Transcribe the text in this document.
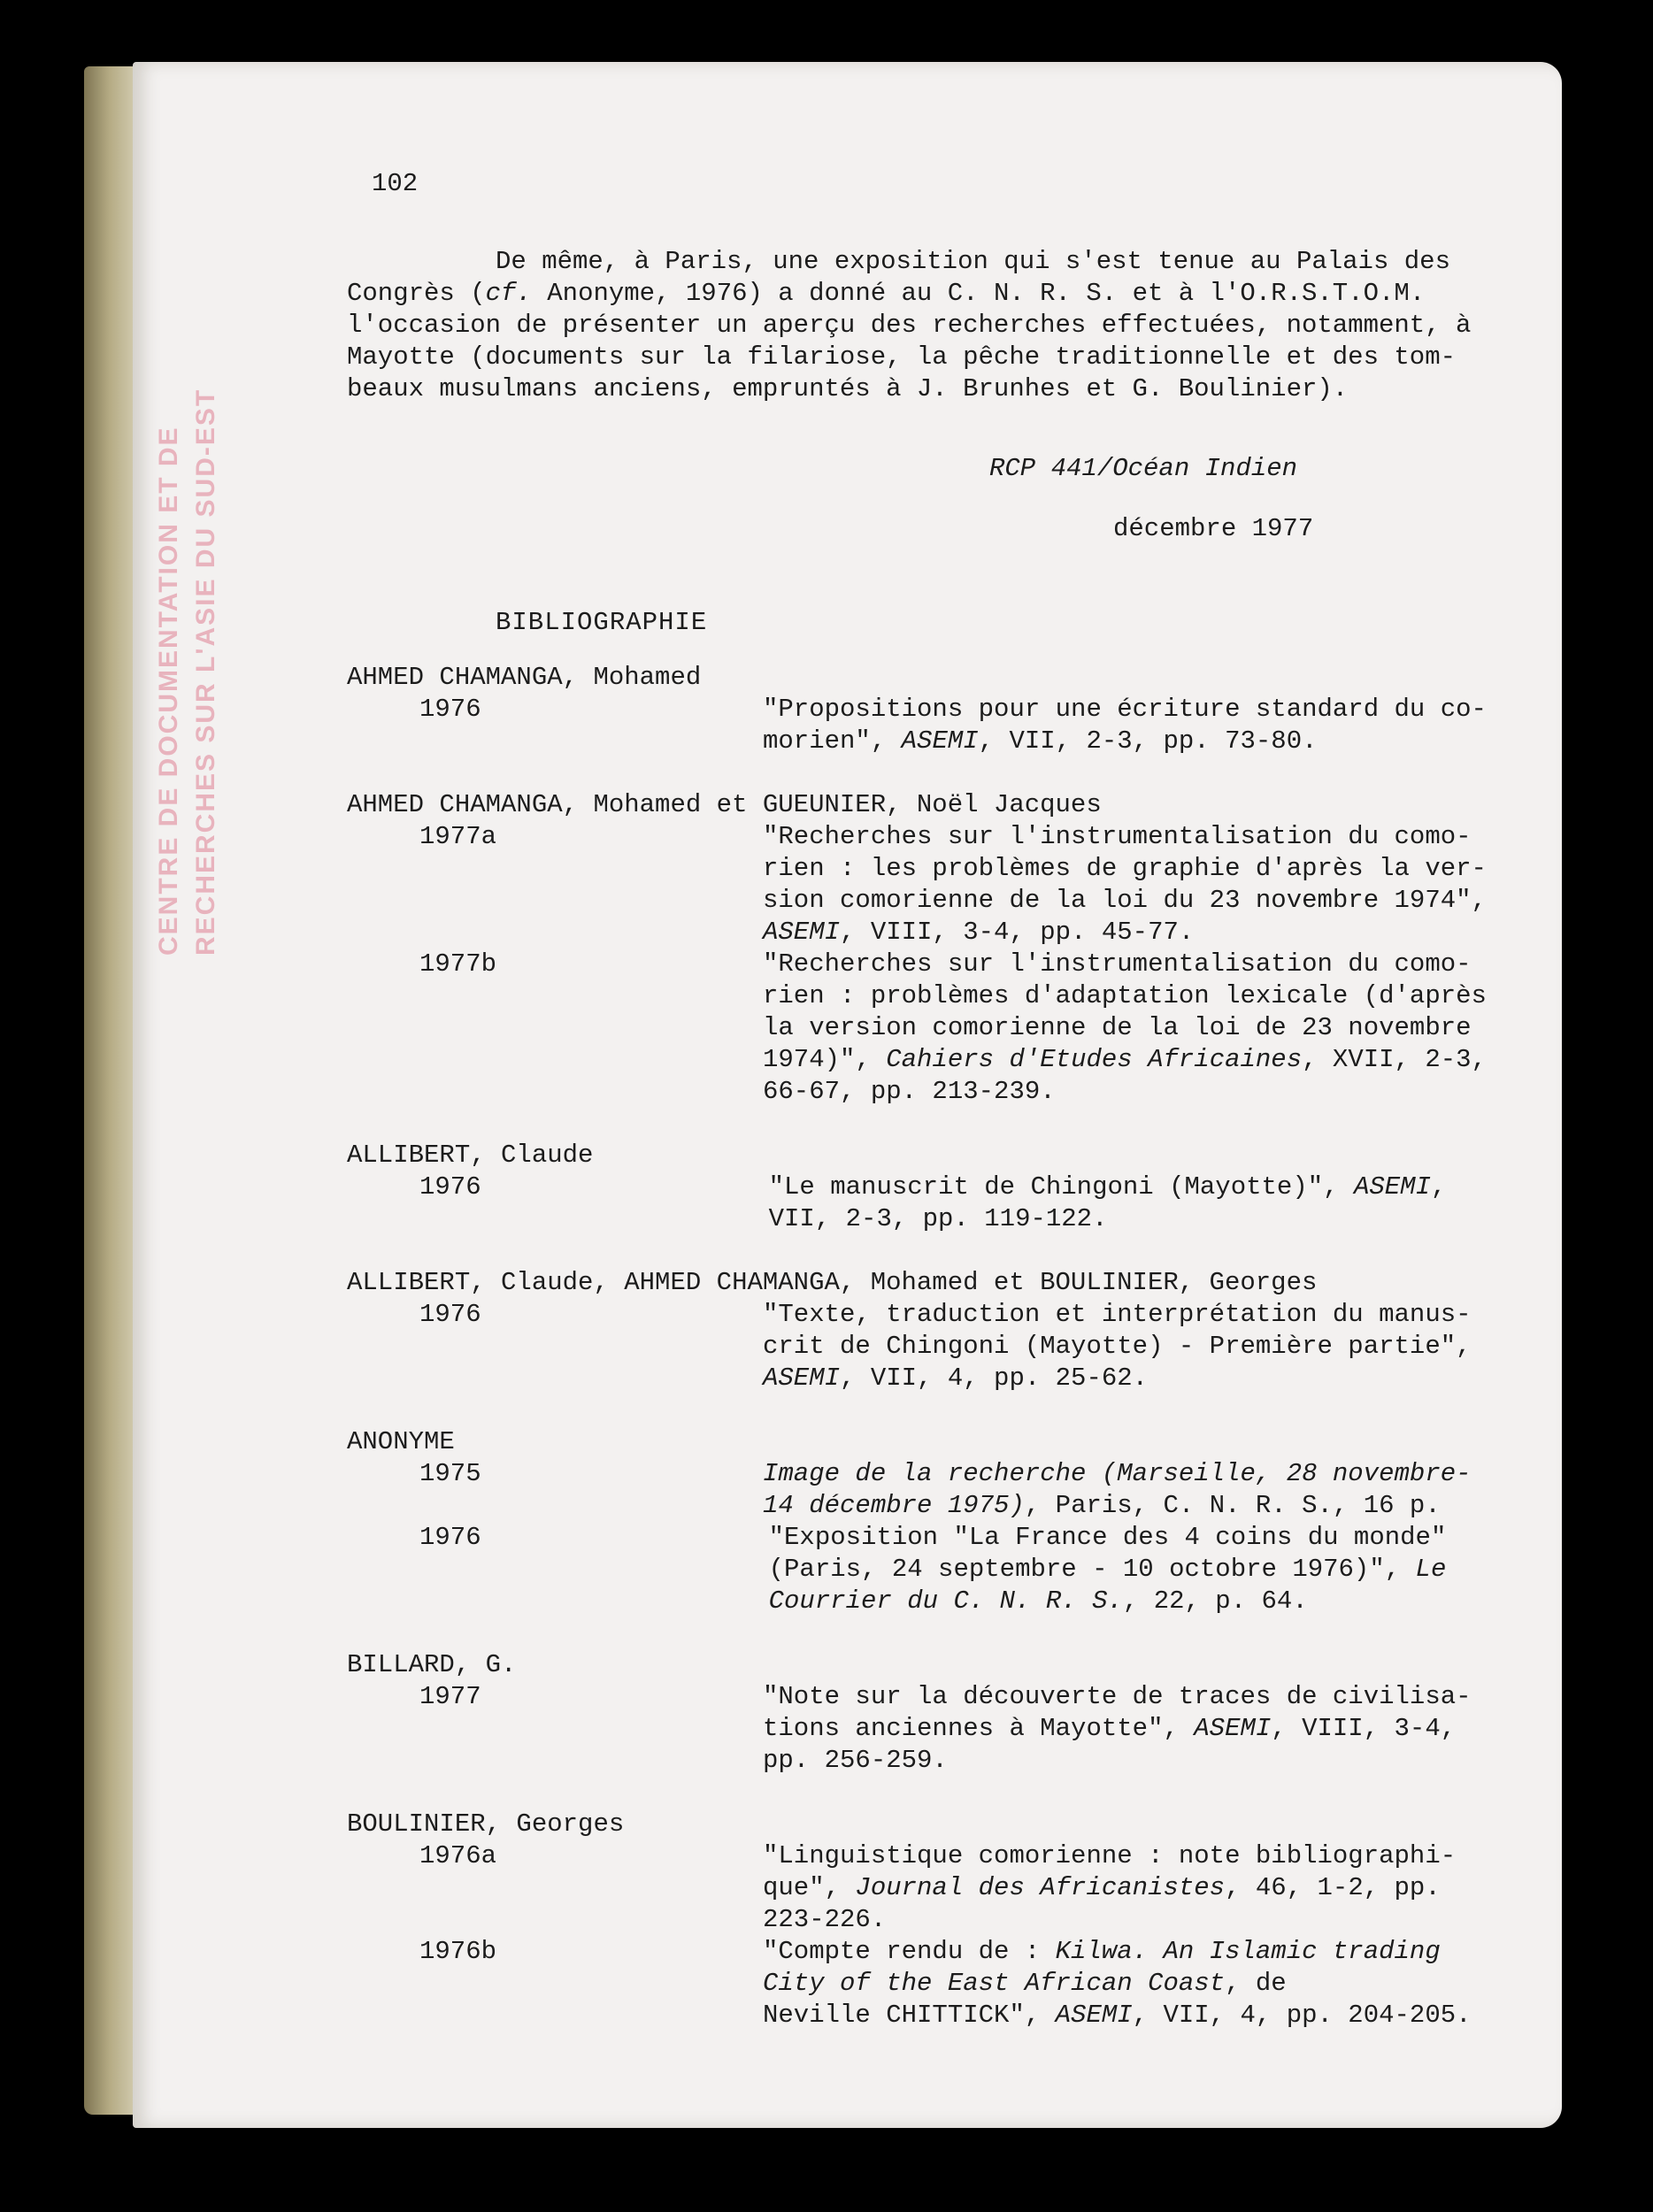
CENTRE DE DOCUMENTATION ET DE RECHERCHES SUR L'ASIE DU SUD-EST
102
De même, à Paris, une exposition qui s'est tenue au Palais des
Congrès (cf. Anonyme, 1976) a donné au C. N. R. S. et à l'O.R.S.T.O.M.
l'occasion de présenter un aperçu des recherches effectuées, notamment, à
Mayotte (documents sur la filariose, la pêche traditionnelle et des tom-
beaux musulmans anciens, empruntés à J. Brunhes et G. Boulinier).
RCP 441/Océan Indien
décembre 1977
BIBLIOGRAPHIE
AHMED CHAMANGA, Mohamed
1976	"Propositions pour une écriture standard du co-
morien", ASEMI, VII, 2-3, pp. 73-80.
AHMED CHAMANGA, Mohamed et GUEUNIER, Noël Jacques
1977a	"Recherches sur l'instrumentalisation du como-
rien : les problèmes de graphie d'après la ver-
sion comorienne de la loi du 23 novembre 1974",
ASEMI, VIII, 3-4, pp. 45-77.
1977b	"Recherches sur l'instrumentalisation du como-
rien : problèmes d'adaptation lexicale (d'après
la version comorienne de la loi de 23 novembre
1974)", Cahiers d'Etudes Africaines, XVII, 2-3,
66-67, pp. 213-239.
ALLIBERT, Claude
1976	"Le manuscrit de Chingoni (Mayotte)", ASEMI,
VII, 2-3, pp. 119-122.
ALLIBERT, Claude, AHMED CHAMANGA, Mohamed et BOULINIER, Georges
1976	"Texte, traduction et interprétation du manus-
crit de Chingoni (Mayotte) - Première partie",
ASEMI, VII, 4, pp. 25-62.
ANONYME
1975	Image de la recherche (Marseille, 28 novembre-
14 décembre 1975), Paris, C. N. R. S., 16 p.
1976	"Exposition "La France des 4 coins du monde"
(Paris, 24 septembre - 10 octobre 1976)", Le
Courrier du C. N. R. S., 22, p. 64.
BILLARD, G.
1977	"Note sur la découverte de traces de civilisa-
tions anciennes à Mayotte", ASEMI, VIII, 3-4,
pp. 256-259.
BOULINIER, Georges
1976a	"Linguistique comorienne : note bibliographi-
que", Journal des Africanistes, 46, 1-2, pp.
223-226.
1976b	"Compte rendu de : Kilwa. An Islamic trading
City of the East African Coast, de
Neville CHITTICK", ASEMI, VII, 4, pp. 204-205.
